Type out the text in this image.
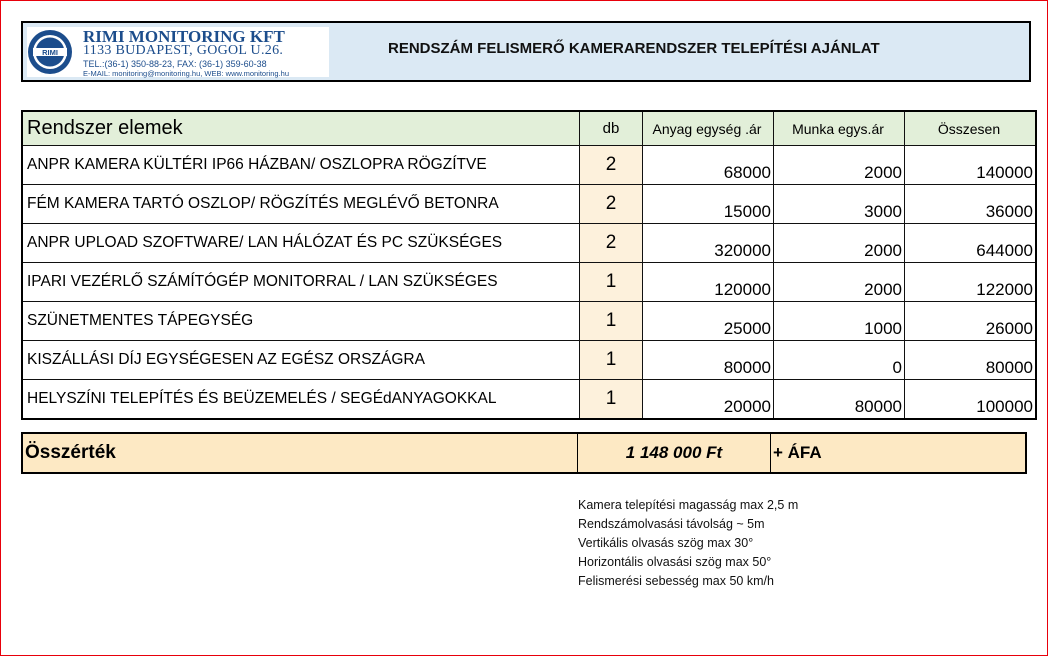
RIMI
RIMI MONITORING KFT
1133 BUDAPEST, GOGOL U.26.
TEL.:(36-1) 350-88-23, FAX: (36-1) 359-60-38
E-MAIL: monitoring@monitoring.hu, WEB: www.monitoring.hu
RENDSZÁM FELISMERŐ KAMERARENDSZER TELEPÍTÉSI AJÁNLAT
Rendszer elemek	db	Anyag egység .ár	Munka egys.ár	Összesen
ANPR KAMERA KÜLTÉRI IP66 HÁZBAN/ OSZLOPRA RÖGZÍTVE	2	68000	2000	140000

FÉM KAMERA TARTÓ OSZLOP/ RÖGZÍTÉS MEGLÉVŐ BETONRA	2	15000	3000	36000

ANPR UPLOAD SZOFTWARE/ LAN HÁLÓZAT ÉS PC SZÜKSÉGES	2	320000	2000	644000

IPARI VEZÉRLŐ SZÁMÍTÓGÉP MONITORRAL / LAN SZÜKSÉGES	1	120000	2000	122000

SZÜNETMENTES TÁPEGYSÉG	1	25000	1000	26000

KISZÁLLÁSI DÍJ EGYSÉGESEN AZ EGÉSZ ORSZÁGRA	1	80000	0	80000

HELYSZÍNI TELEPÍTÉS ÉS BEÜZEMELÉS / SEGÉdANYAGOKKAL	1	20000	80000	100000
Összérték	1 148 000 Ft	+ ÁFA
Kamera telepítési magasság max 2,5 m
Rendszámolvasási távolság ~ 5m
Vertikális olvasás szög max 30°
Horizontális olvasási szög max 50°
Felismerési sebesség max 50 km/h
